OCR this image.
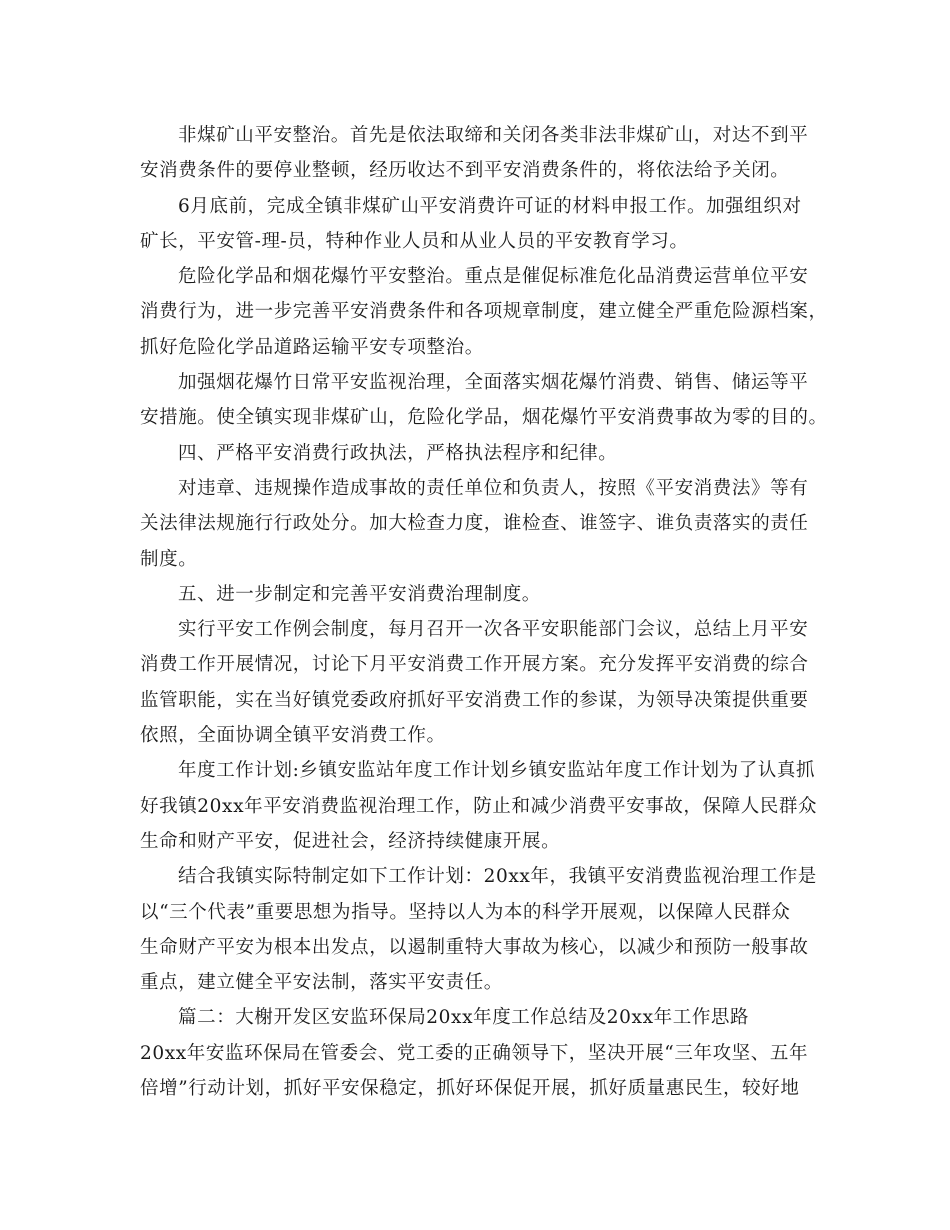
非煤矿山平安整治。首先是依法取缔和关闭各类非法非煤矿山，对达不到平
安消费条件的要停业整顿，经历收达不到平安消费条件的，将依法给予关闭。
6月底前，完成全镇非煤矿山平安消费许可证的材料申报工作。加强组织对
矿长，平安管-理-员，特种作业人员和从业人员的平安教育学习。
危险化学品和烟花爆竹平安整治。重点是催促标准危化品消费运营单位平安
消费行为，进一步完善平安消费条件和各项规章制度，建立健全严重危险源档案，
抓好危险化学品道路运输平安专项整治。
加强烟花爆竹日常平安监视治理，全面落实烟花爆竹消费、销售、储运等平
安措施。使全镇实现非煤矿山，危险化学品，烟花爆竹平安消费事故为零的目的。
四、严格平安消费行政执法，严格执法程序和纪律。
对违章、违规操作造成事故的责任单位和负责人，按照《平安消费法》等有
关法律法规施行行政处分。加大检查力度，谁检查、谁签字、谁负责落实的责任
制度。
五、进一步制定和完善平安消费治理制度。
实行平安工作例会制度，每月召开一次各平安职能部门会议，总结上月平安
消费工作开展情况，讨论下月平安消费工作开展方案。充分发挥平安消费的综合
监管职能，实在当好镇党委政府抓好平安消费工作的参谋，为领导决策提供重要
依照，全面协调全镇平安消费工作。
年度工作计划:乡镇安监站年度工作计划乡镇安监站年度工作计划为了认真抓
好我镇20xx年平安消费监视治理工作，防止和减少消费平安事故，保障人民群众
生命和财产平安，促进社会，经济持续健康开展。
结合我镇实际特制定如下工作计划：20xx年，我镇平安消费监视治理工作是
以“三个代表”重要思想为指导。坚持以人为本的科学开展观，以保障人民群众
生命财产平安为根本出发点，以遏制重特大事故为核心，以减少和预防一般事故
重点，建立健全平安法制，落实平安责任。
篇二：大榭开发区安监环保局20xx年度工作总结及20xx年工作思路
20xx年安监环保局在管委会、党工委的正确领导下，坚决开展“三年攻坚、五年
倍增”行动计划，抓好平安保稳定，抓好环保促开展，抓好质量惠民生，较好地
